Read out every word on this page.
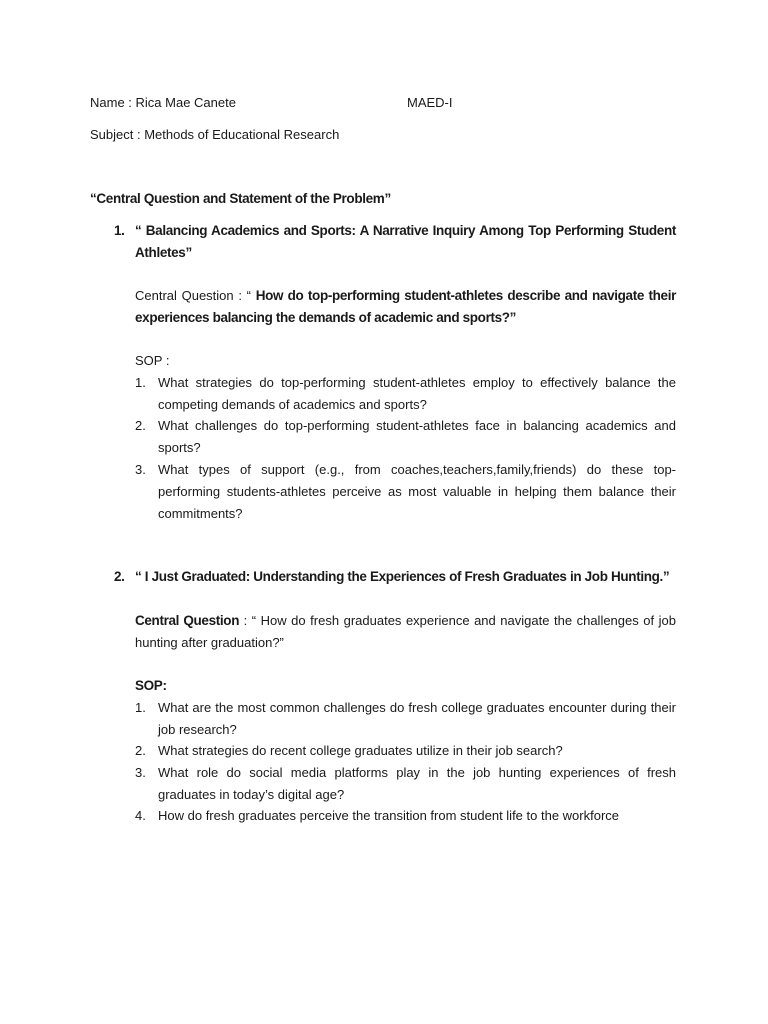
Name : Rica Mae Canete	MAED-I
Subject : Methods of Educational Research
“Central Question and Statement of the Problem”
1. “ Balancing Academics and Sports: A Narrative Inquiry Among Top Performing Student Athletes”
Central Question : “ How do top-performing student-athletes describe and navigate their experiences balancing the demands of academic and sports?”
SOP :
1. What strategies do top-performing student-athletes employ to effectively balance the competing demands of academics and sports?
2. What challenges do top-performing student-athletes face in balancing academics and sports?
3. What types of support (e.g., from coaches,teachers,family,friends) do these top-performing students-athletes perceive as most valuable in helping them balance their commitments?
2. “ I Just Graduated: Understanding the Experiences of Fresh Graduates in Job Hunting.”
Central Question : “ How do fresh graduates experience and navigate the challenges of job hunting after graduation?”
SOP:
1. What are the most common challenges do fresh college graduates encounter during their job research?
2. What strategies do recent college graduates utilize in their job search?
3. What role do social media platforms play in the job hunting experiences of fresh graduates in today’s digital age?
4. How do fresh graduates perceive the transition from student life to the workforce
